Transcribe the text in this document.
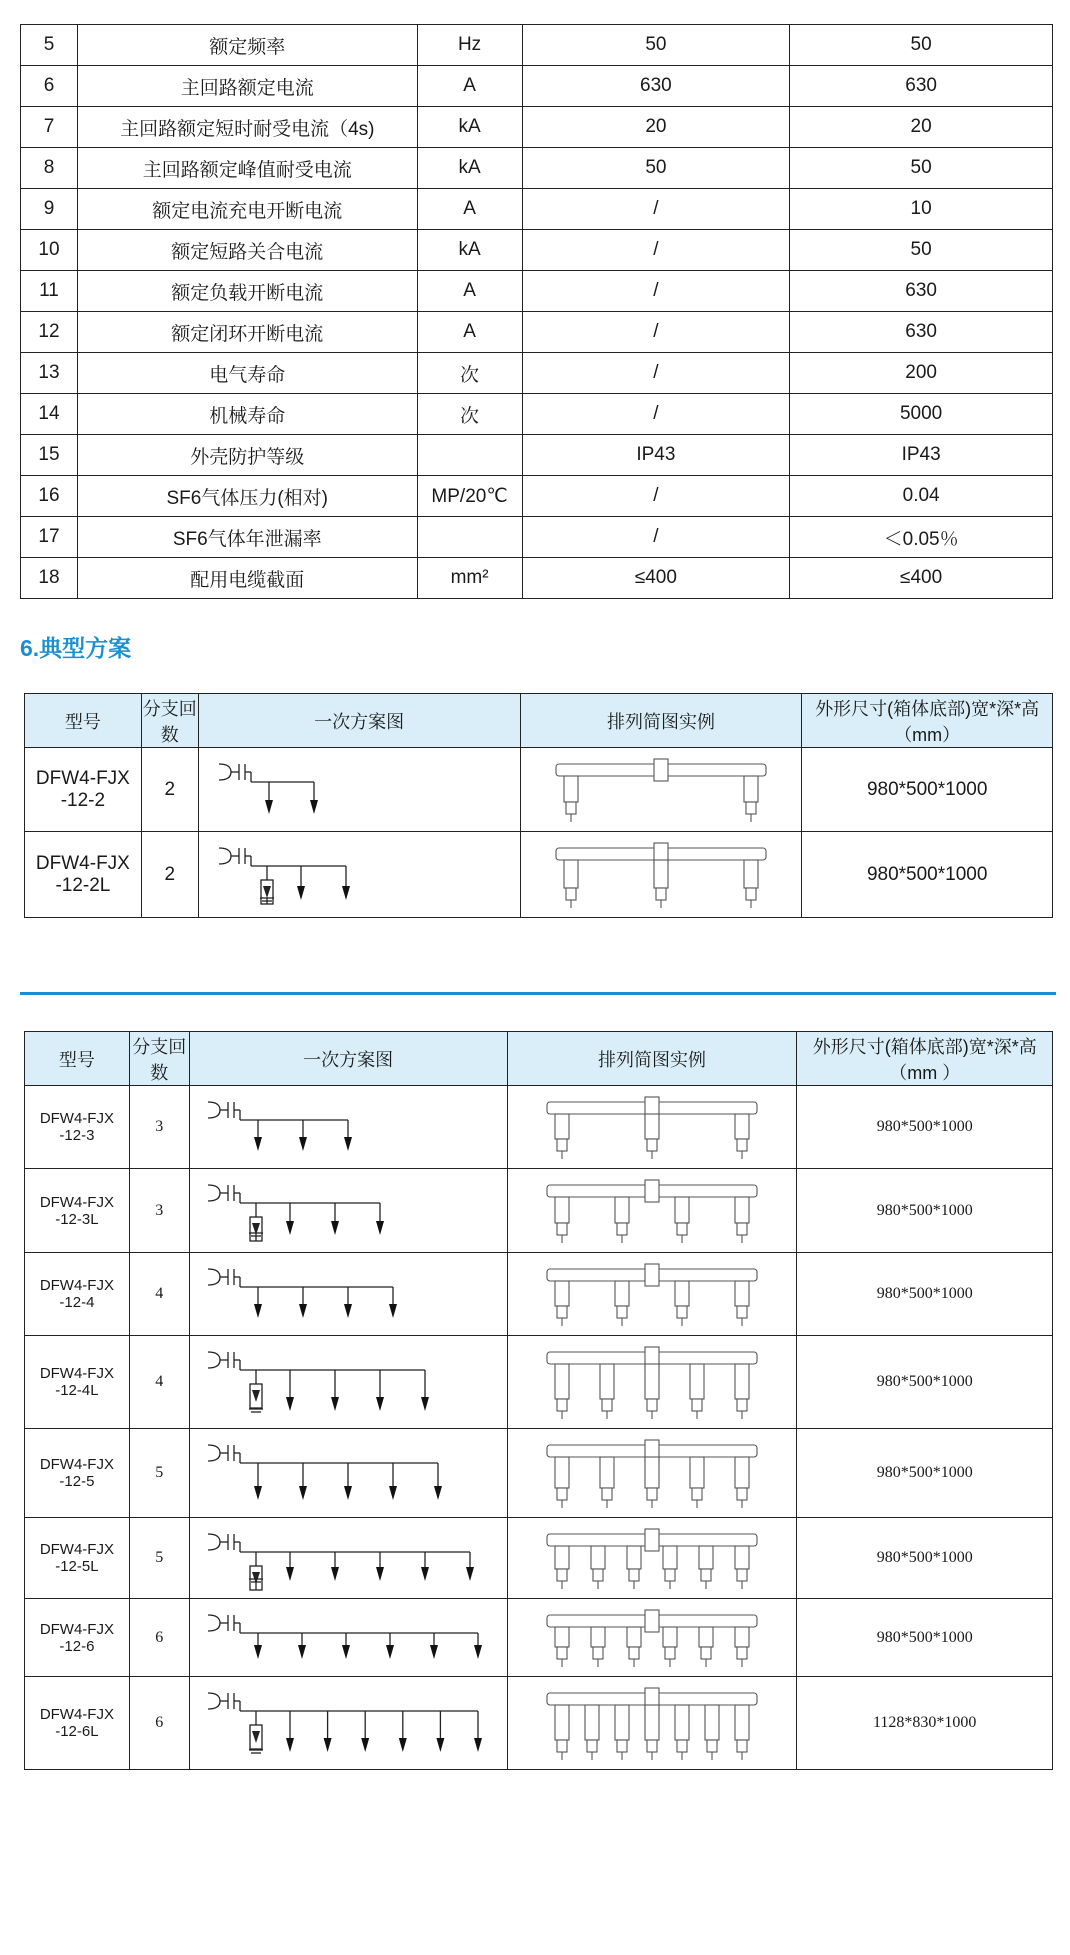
5	额定频率	Hz	50	50
6	主回路额定电流	A	630	630
7	主回路额定短时耐受电流（4s)	kA	20	20
8	主回路额定峰值耐受电流	kA	50	50
9	额定电流充电开断电流	A	/	10
10	额定短路关合电流	kA	/	50
11	额定负载开断电流	A	/	630
12	额定闭环开断电流	A	/	630
13	电气寿命	次	/	200
14	机械寿命	次	/	5000
15	外壳防护等级		IP43	IP43
16	SF6气体压力(相对)	MP/20℃	/	0.04
17	SF6气体年泄漏率		/	＜0.05％
18	配用电缆截面	mm²	≤400	≤400
6.典型方案
型号	分支回数	一次方案图	排列简图实例	外形尺寸(箱体底部)宽*深*高（mm）
DFW4-FJX -12-2	2			980*500*1000
DFW4-FJX -12-2L	2			980*500*1000
型号	分支回数	一次方案图	排列简图实例	外形尺寸(箱体底部)宽*深*高（mm ）
DFW4-FJX -12-3	3			980*500*1000
DFW4-FJX -12-3L	3			980*500*1000
DFW4-FJX -12-4	4			980*500*1000
DFW4-FJX -12-4L	4			980*500*1000
DFW4-FJX -12-5	5			980*500*1000
DFW4-FJX -12-5L	5			980*500*1000
DFW4-FJX -12-6	6			980*500*1000
DFW4-FJX -12-6L	6			1128*830*1000
